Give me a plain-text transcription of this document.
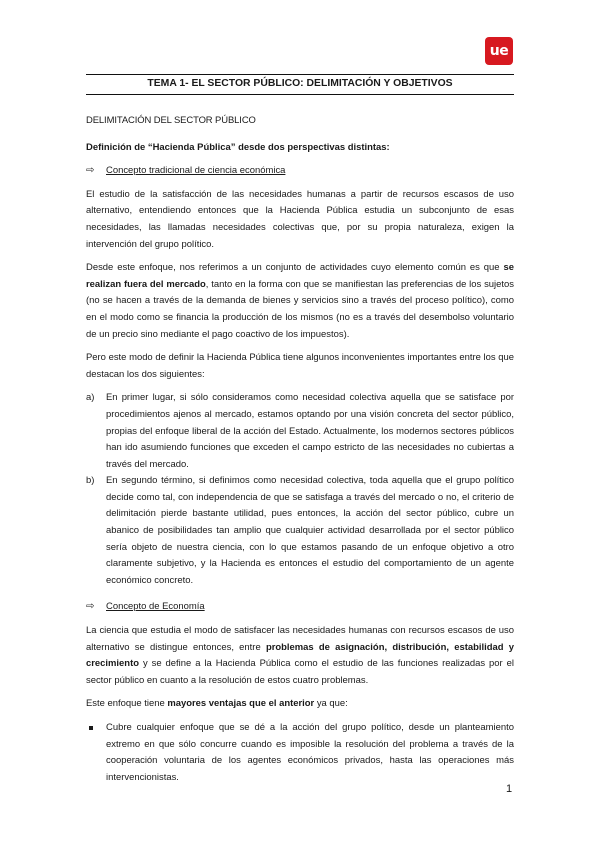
ue
TEMA 1- EL SECTOR PÚBLICO: DELIMITACIÓN Y OBJETIVOS

DELIMITACIÓN DEL SECTOR PÚBLICO

Definición de “Hacienda Pública” desde dos perspectivas distintas:

⇨	Concepto tradicional de ciencia económica

El estudio de la satisfacción de las necesidades humanas a partir de recursos escasos de uso alternativo, entendiendo entonces que la Hacienda Pública estudia un subconjunto de esas necesidades, las llamadas necesidades colectivas que, por su propia naturaleza, exigen la intervención del grupo político.

Desde este enfoque, nos referimos a un conjunto de actividades cuyo elemento común es que se realizan fuera del mercado, tanto en la forma con que se manifiestan las preferencias de los sujetos (no se hacen a través de la demanda de bienes y servicios sino a través del proceso político), como en el modo como se financia la producción de los mismos (no es a través del desembolso voluntario de un precio sino mediante el pago coactivo de los impuestos).

Pero este modo de definir la Hacienda Pública tiene algunos inconvenientes importantes entre los que destacan los dos siguientes:

a) En primer lugar, si sólo consideramos como necesidad colectiva aquella que se satisface por procedimientos ajenos al mercado, estamos optando por una visión concreta del sector público, propias del enfoque liberal de la acción del Estado. Actualmente, los modernos sectores públicos han ido asumiendo funciones que exceden el campo estricto de las necesidades no cubiertas a través del mercado.
b) En segundo término, si definimos como necesidad colectiva, toda aquella que el grupo político decide como tal, con independencia de que se satisfaga a través del mercado o no, el criterio de delimitación pierde bastante utilidad, pues entonces, la acción del sector público, cubre un abanico de posibilidades tan amplio que cualquier actividad desarrollada por el sector público sería objeto de nuestra ciencia, con lo que estamos pasando de un enfoque objetivo a otro claramente subjetivo, y la Hacienda es entonces el estudio del comportamiento de un agente económico concreto.

⇨	Concepto de Economía

La ciencia que estudia el modo de satisfacer las necesidades humanas con recursos escasos de uso alternativo se distingue entonces, entre problemas de asignación, distribución, estabilidad y crecimiento y se define a la Hacienda Pública como el estudio de las funciones realizadas por el sector público en cuanto a la resolución de estos cuatro problemas.

Este enfoque tiene mayores ventajas que el anterior ya que:

Cubre cualquier enfoque que se dé a la acción del grupo político, desde un planteamiento extremo en que sólo concurre cuando es imposible la resolución del problema a través de la cooperación voluntaria de los agentes económicos privados, hasta las operaciones más intervencionistas.
1
